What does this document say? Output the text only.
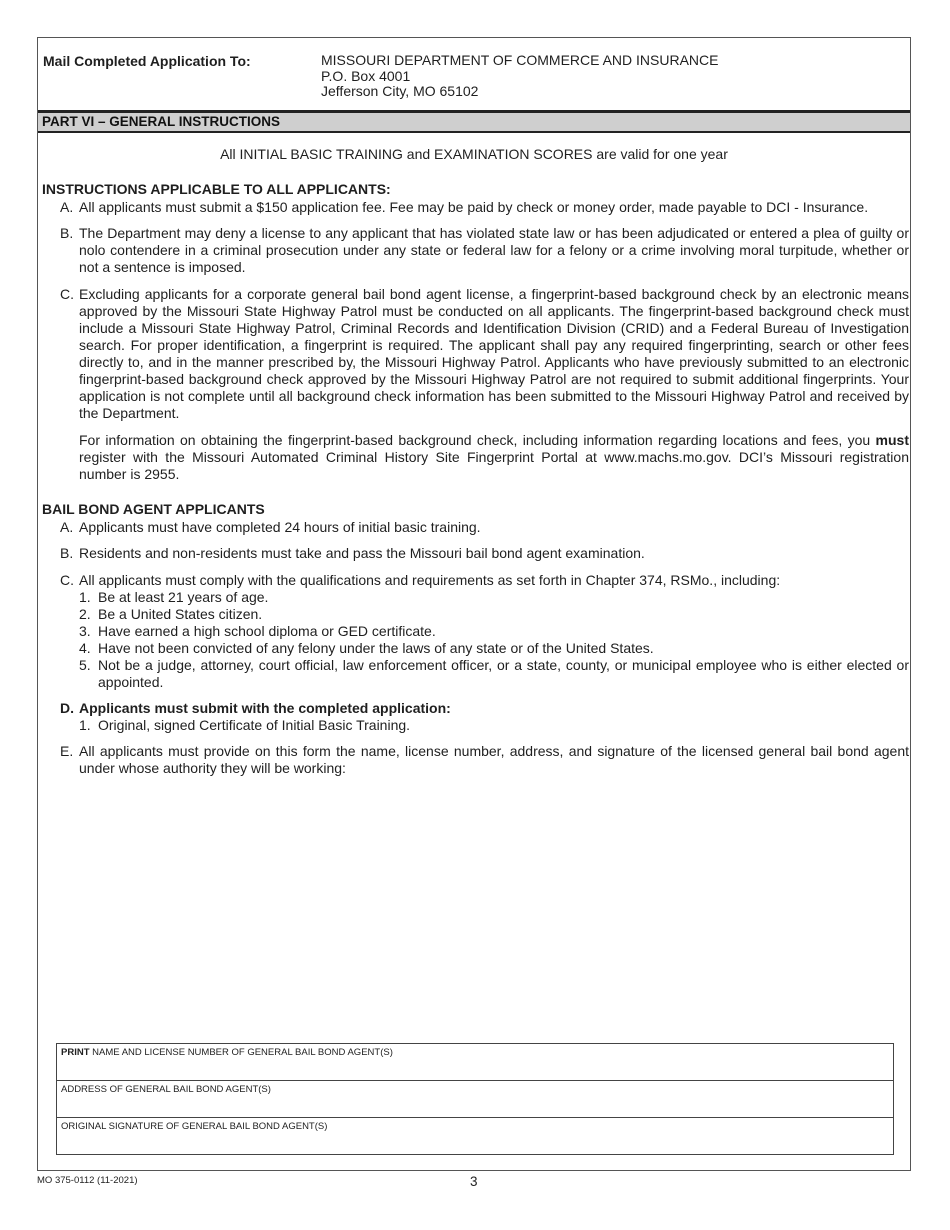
Mail Completed Application To:	MISSOURI DEPARTMENT OF COMMERCE AND INSURANCE
P.O. Box 4001
Jefferson City, MO 65102
PART VI – GENERAL INSTRUCTIONS
All INITIAL BASIC TRAINING and EXAMINATION SCORES are valid for one year
INSTRUCTIONS APPLICABLE TO ALL APPLICANTS:
A. All applicants must submit a $150 application fee. Fee may be paid by check or money order, made payable to DCI - Insurance.
B. The Department may deny a license to any applicant that has violated state law or has been adjudicated or entered a plea of guilty or nolo contendere in a criminal prosecution under any state or federal law for a felony or a crime involving moral turpitude, whether or not a sentence is imposed.
C. Excluding applicants for a corporate general bail bond agent license, a fingerprint-based background check by an electronic means approved by the Missouri State Highway Patrol must be conducted on all applicants. The fingerprint-based background check must include a Missouri State Highway Patrol, Criminal Records and Identification Division (CRID) and a Federal Bureau of Investigation search. For proper identification, a fingerprint is required. The applicant shall pay any required fingerprinting, search or other fees directly to, and in the manner prescribed by, the Missouri Highway Patrol. Applicants who have previously submitted to an electronic fingerprint-based background check approved by the Missouri Highway Patrol are not required to submit additional fingerprints. Your application is not complete until all background check information has been submitted to the Missouri Highway Patrol and received by the Department.
For information on obtaining the fingerprint-based background check, including information regarding locations and fees, you must register with the Missouri Automated Criminal History Site Fingerprint Portal at www.machs.mo.gov. DCI’s Missouri registration number is 2955.
BAIL BOND AGENT APPLICANTS
A. Applicants must have completed 24 hours of initial basic training.
B. Residents and non-residents must take and pass the Missouri bail bond agent examination.
C. All applicants must comply with the qualifications and requirements as set forth in Chapter 374, RSMo., including:
1. Be at least 21 years of age.
2. Be a United States citizen.
3. Have earned a high school diploma or GED certificate.
4. Have not been convicted of any felony under the laws of any state or of the United States.
5. Not be a judge, attorney, court official, law enforcement officer, or a state, county, or municipal employee who is either elected or appointed.
D. Applicants must submit with the completed application:
1. Original, signed Certificate of Initial Basic Training.
E. All applicants must provide on this form the name, license number, address, and signature of the licensed general bail bond agent under whose authority they will be working:
PRINT NAME AND LICENSE NUMBER OF GENERAL BAIL BOND AGENT(S)
ADDRESS OF GENERAL BAIL BOND AGENT(S)
ORIGINAL SIGNATURE OF GENERAL BAIL BOND AGENT(S)
MO 375-0112 (11-2021)	3
